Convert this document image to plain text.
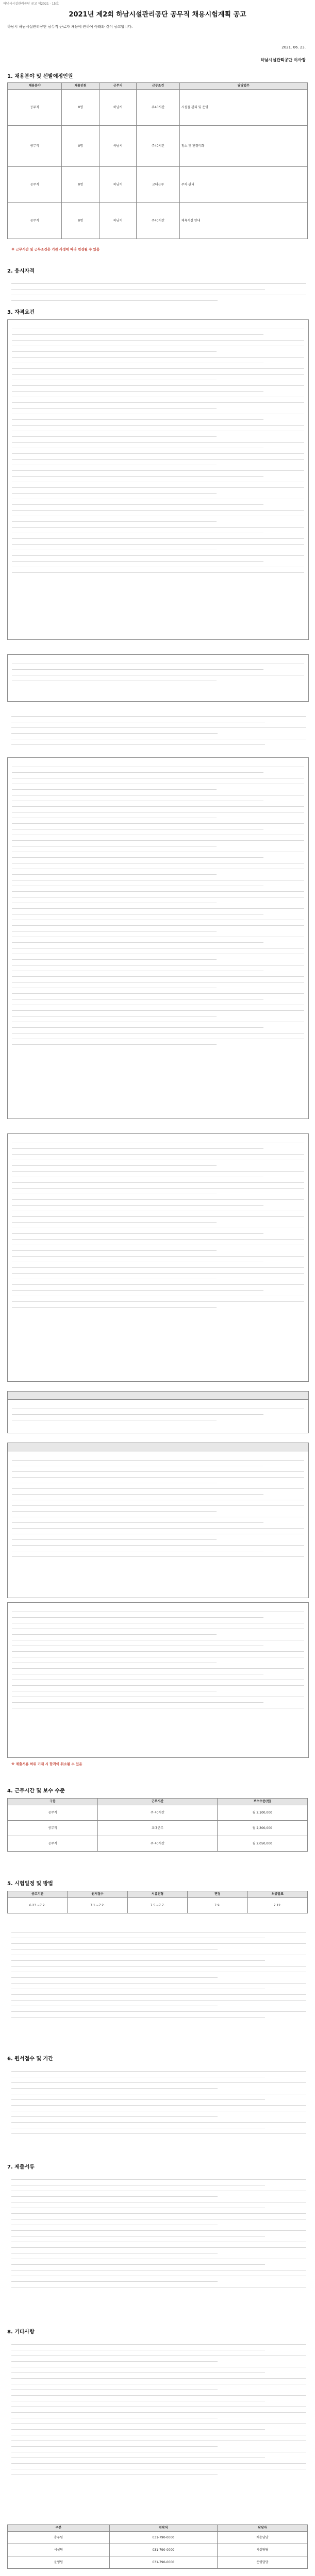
하남시시설관리공단 공고 제2021 - 15호
2021년 제2회 하남시설관리공단 공무직 채용시험계획 공고
하남시 하남시설관리공단 공무직 근로자 채용에 관하여 아래와 같이 공고합니다.
2021. 06. 23.
하남시설관리공단 이사장
1. 채용분야 및 선발예정인원
채용분야	채용인원	근무지	근무조건	담당업무
공무직	0명	하남시	주40시간	시설물 관리 및 운영
공무직	0명	하남시	주40시간	청소 및 환경미화
공무직	0명	하남시	교대근무	주차 관리
공무직	0명	하남시	주40시간	체육시설 안내
※ 근무시간 및 근무조건은 기관 사정에 따라 변경될 수 있음
2. 응시자격
3. 자격요건

※ 제출서류 허위 기재 시 합격이 취소될 수 있음
4. 근무시간 및 보수 수준
구분	근무시간	보수수준(원)
공무직	주 40시간	월 2,100,000
공무직	교대근무	월 2,300,000
공무직	주 40시간	월 2,050,000
5. 시험일정 및 방법
공고기간	원서접수	서류전형	면접	최종발표
6.23.~7.2.	7.1.~7.2.	7.5.~7.7.	7.9.	7.12.
6. 원서접수 및 기간
7. 제출서류
8. 기타사항
구분	연락처	담당자
총무팀	031-790-0000	채용담당
시설팀	031-790-0000	시설담당
운영팀	031-790-0000	운영담당
